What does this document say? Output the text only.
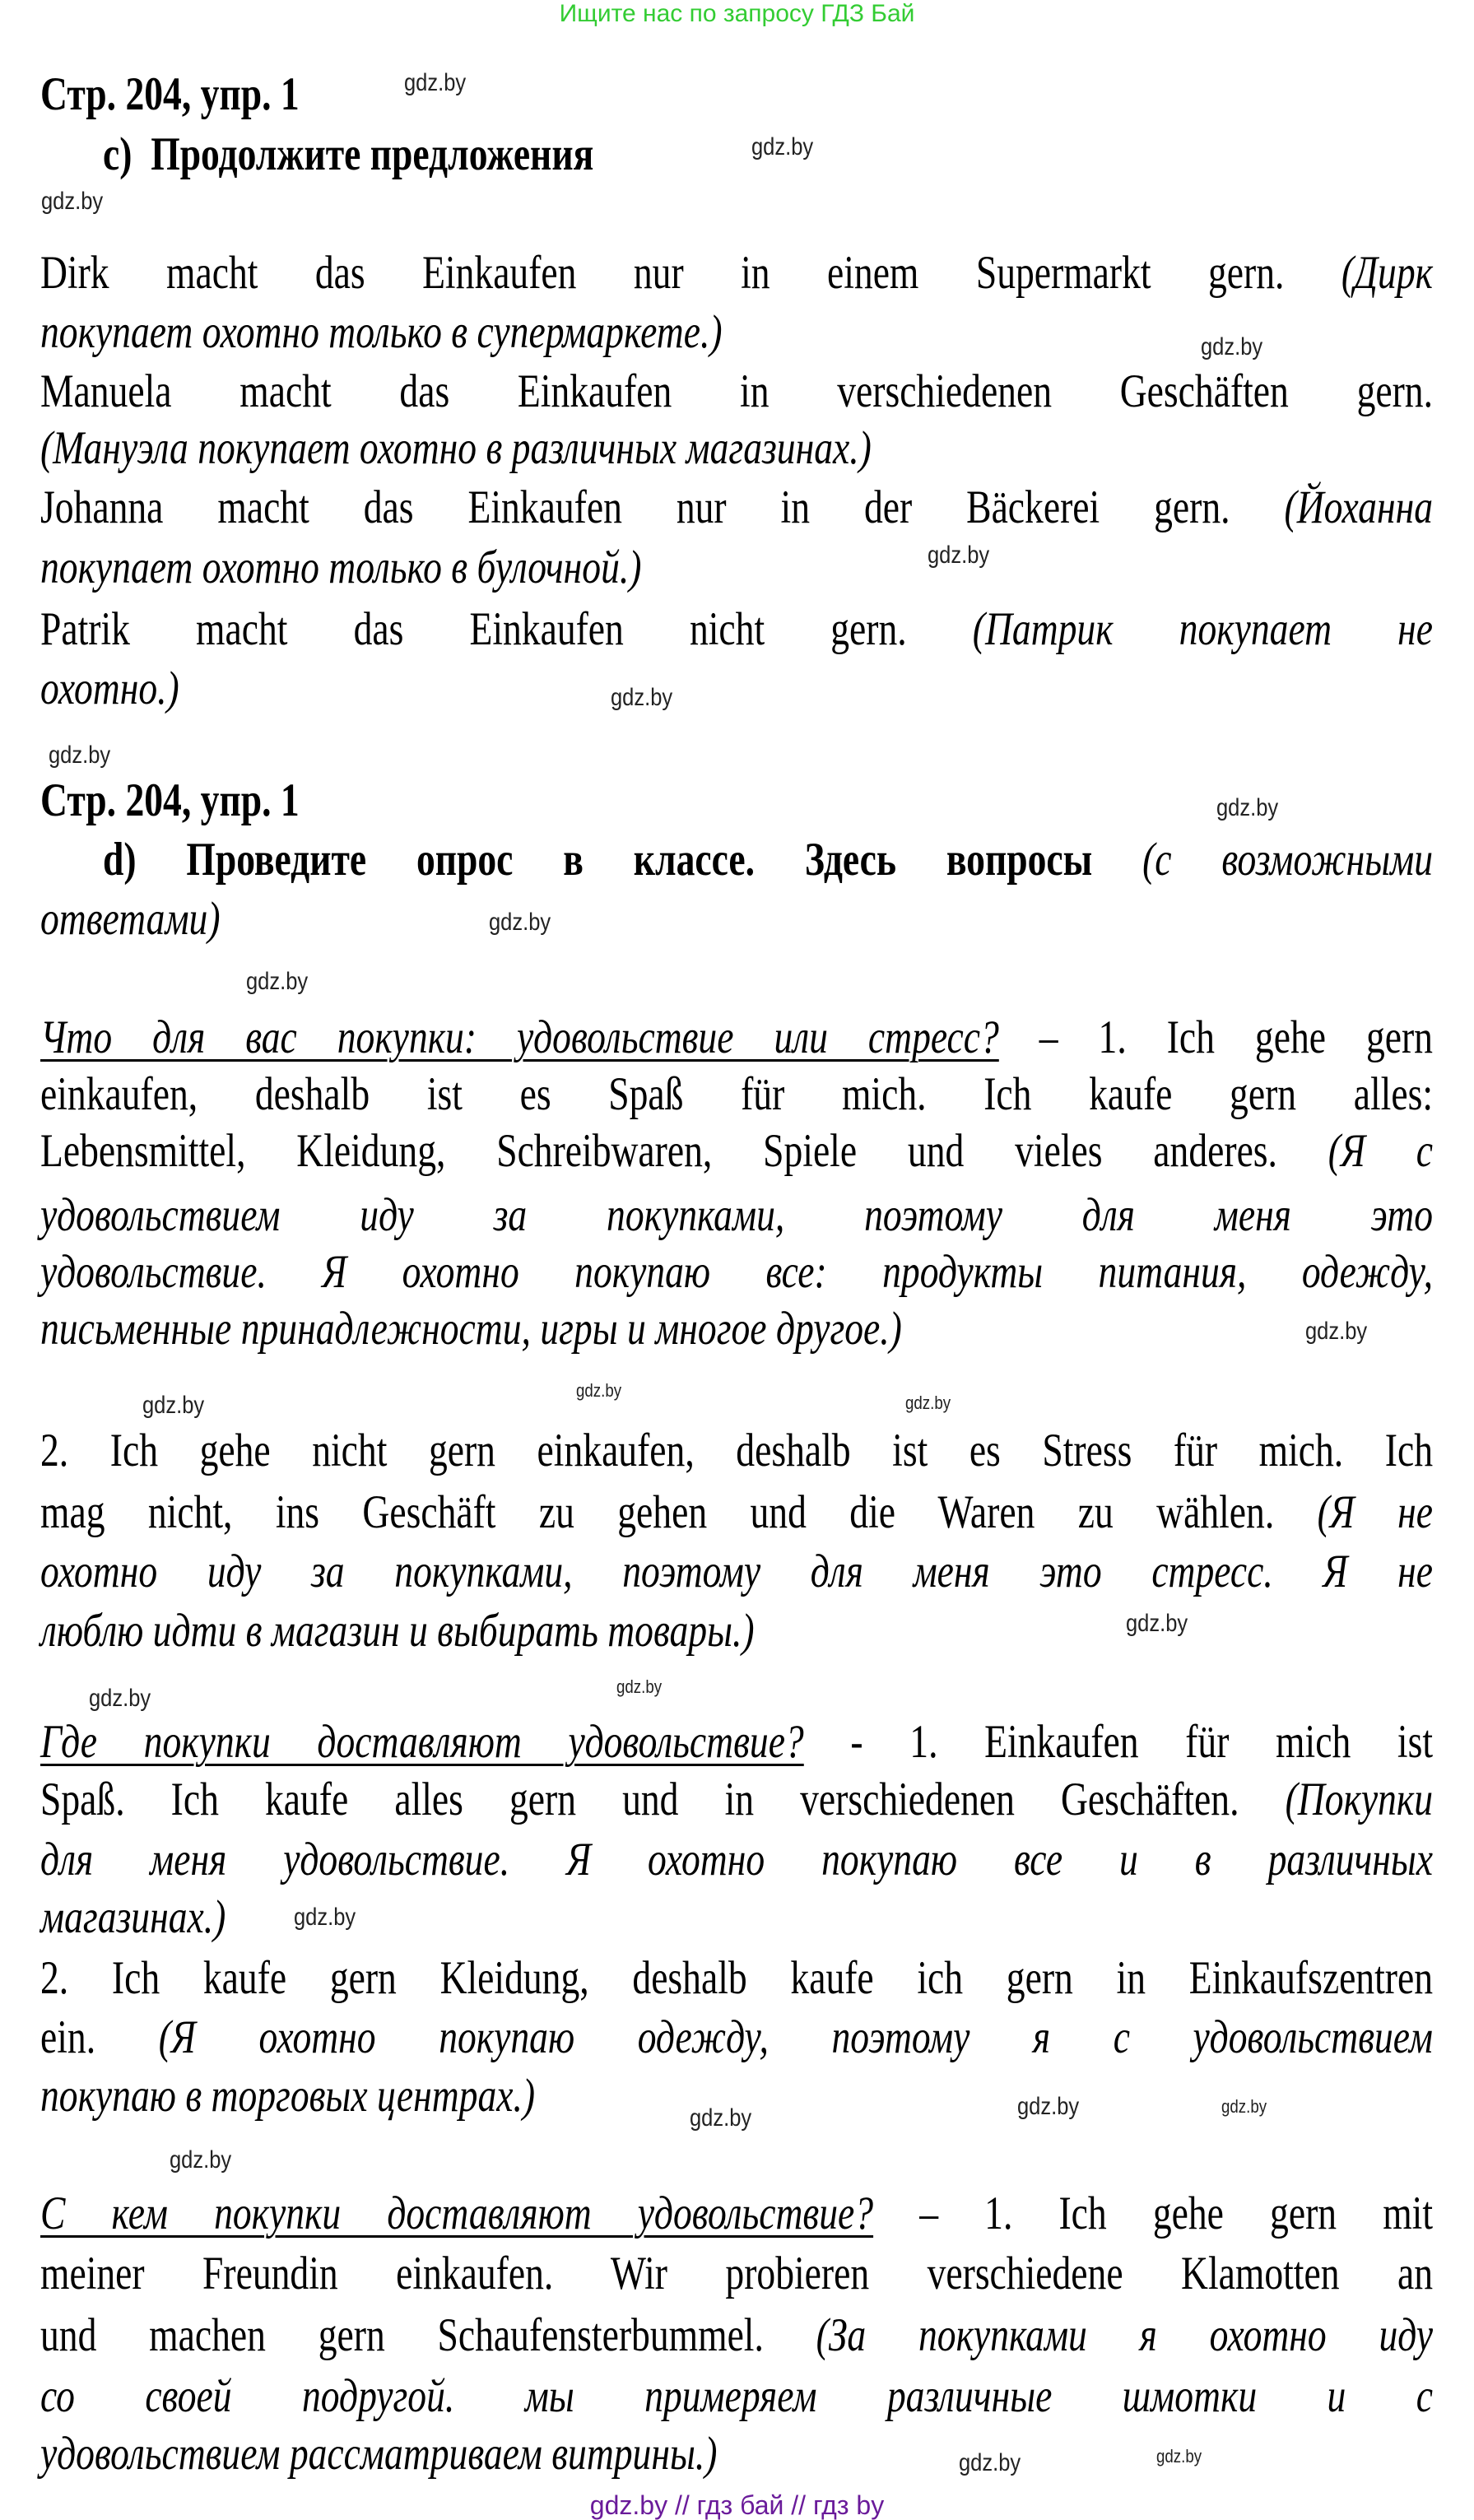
Ищите нас по запросу ГДЗ Бай
Стр. 204, упр. 1
c)  Продолжите предложения
Стр. 204, упр. 1
Dirk macht das Einkaufen nur in einem Supermarkt gern. (Дирк
покупает охотно только в супермаркете.)
Manuela macht das Einkaufen in verschiedenen Geschäften gern.
(Мануэла покупает охотно в различных магазинах.)
Johanna macht das Einkaufen nur in der Bäckerei gern. (Йоханна
покупает охотно только в булочной.)
Patrik macht das Einkaufen nicht gern. (Патрик покупает не
охотно.)
d) Проведите опрос в классе. Здесь вопросы (с возможными
ответами)
Что для вас покупки: удовольствие или стресс? – 1. Ich gehe gern
einkaufen, deshalb ist es Spaß für mich. Ich kaufe gern alles:
Lebensmittel, Kleidung, Schreibwaren, Spiele und vieles anderes. (Я с
удовольствием иду за покупками, поэтому для меня это
удовольствие. Я охотно покупаю все: продукты питания, одежду,
письменные принадлежности, игры и многое другое.)
2. Ich gehe nicht gern einkaufen, deshalb ist es Stress für mich. Ich
mag nicht, ins Geschäft zu gehen und die Waren zu wählen. (Я не
охотно иду за покупками, поэтому для меня это стресс. Я не
люблю идти в магазин и выбирать товары.)
Где покупки доставляют удовольствие? - 1. Einkaufen für mich ist
Spaß. Ich kaufe alles gern und in verschiedenen Geschäften. (Покупки
для меня удовольствие. Я охотно покупаю все и в различных
магазинах.)
2. Ich kaufe gern Kleidung, deshalb kaufe ich gern in Einkaufszentren
ein. (Я охотно покупаю одежду, поэтому я с удовольствием
покупаю в торговых центрах.)
С кем покупки доставляют удовольствие? – 1. Ich gehe gern mit
meiner Freundin einkaufen. Wir probieren verschiedene Klamotten an
und machen gern Schaufensterbummel. (За покупками я охотно иду
со своей подругой. мы примеряем различные шмотки и с
удовольствием рассматриваем витрины.)
gdz.by
gdz.by
gdz.by
gdz.by
gdz.by
gdz.by
gdz.by
gdz.by
gdz.by
gdz.by
gdz.by
gdz.by
gdz.by
gdz.by
gdz.by
gdz.by
gdz.by
gdz.by
gdz.by
gdz.by
gdz.by
gdz.by
gdz.by
gdz.by
gdz.by // гдз бай // гдз by
